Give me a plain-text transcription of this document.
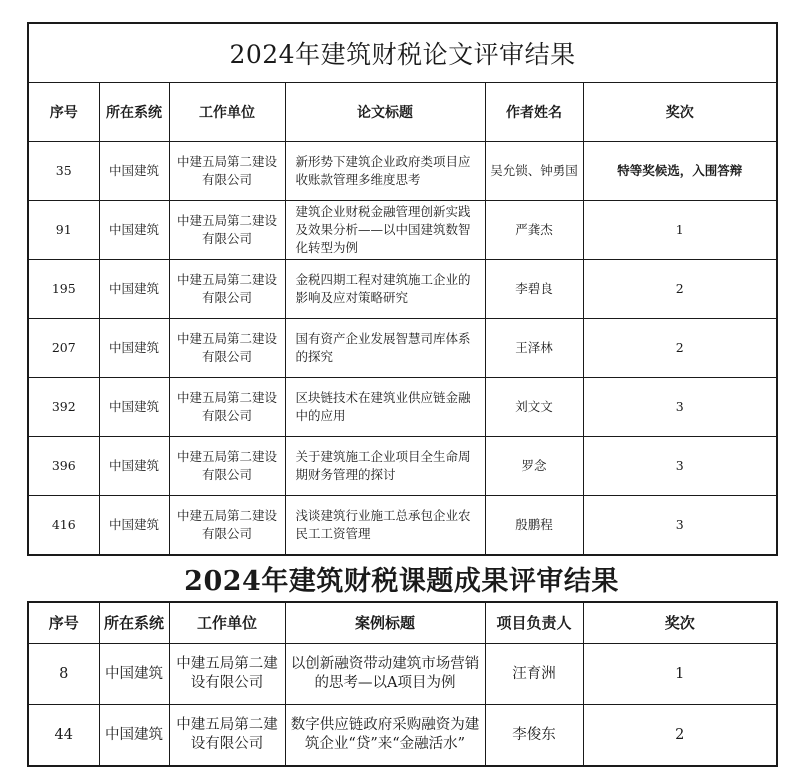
2024年建筑财税论文评审结果					
序号	所在系统	工作单位	论文标题	作者姓名	奖次
35	中国建筑	中建五局第二建设有限公司	新形势下建筑企业政府类项目应收账款管理多维度思考	吴允锁、钟勇国	特等奖候选，入围答辩
91	中国建筑	中建五局第二建设有限公司	建筑企业财税金融管理创新实践及效果分析——以中国建筑数智化转型为例	严龚杰	1
195	中国建筑	中建五局第二建设有限公司	金税四期工程对建筑施工企业的影响及应对策略研究	李碧良	2
207	中国建筑	中建五局第二建设有限公司	国有资产企业发展智慧司库体系的探究	王泽林	2
392	中国建筑	中建五局第二建设有限公司	区块链技术在建筑业供应链金融中的应用	刘文文	3
396	中国建筑	中建五局第二建设有限公司	关于建筑施工企业项目全生命周期财务管理的探讨	罗念	3
416	中国建筑	中建五局第二建设有限公司	浅谈建筑行业施工总承包企业农民工工资管理	殷鹏程	3
2024年建筑财税课题成果评审结果
序号	所在系统	工作单位	案例标题	项目负责人	奖次
8	中国建筑	中建五局第二建设有限公司	以创新融资带动建筑市场营销的思考—以A项目为例	汪育洲	1
44	中国建筑	中建五局第二建设有限公司	数字供应链政府采购融资为建筑企业“贷”来“金融活水”	李俊东	2
